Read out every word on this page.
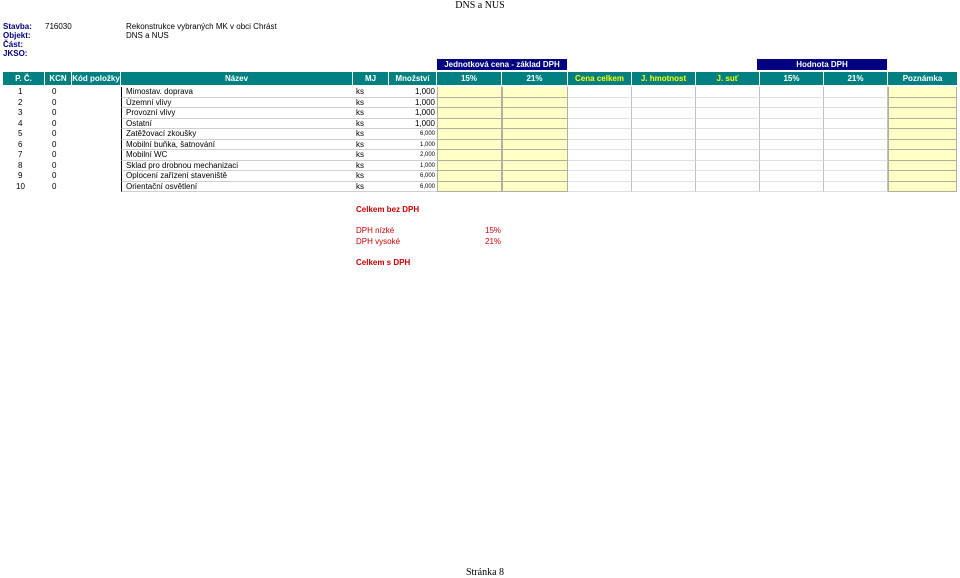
DNS a NUS
Stavba: 716030	Rekonstrukce vybraných MK v obci Chrást
Objekt:	DNS a NUS
Část:
JKSO:
Jednotková cena - základ DPH	Hodnota DPH
P. Č.	KCN Kód položky	Název	MJ	Množství	15%	21%	Cena celkem	J. hmotnost	J. suť	15%	21%	Poznámka
1	0	Mimostav. doprava	ks	1,000
2	0	Územní vlivy	ks	1,000
3	0	Provozní vlivy	ks	1,000
4	0	Ostatní	ks	1,000
5	0	Zatěžovací zkoušky	ks	6,000
6	0	Mobilní buňka, šatnování	ks	1,000
7	0	Mobilní WC	ks	2,000
8	0	Sklad pro drobnou mechanizaci	ks	1,000
9	0	Oplocení zařízení staveniště	ks	6,000
10	0	Orientační osvětlení	ks	6,000
Celkem bez DPH
DPH nízké	15%
DPH vysoké	21%
Celkem s DPH
Stránka 8
